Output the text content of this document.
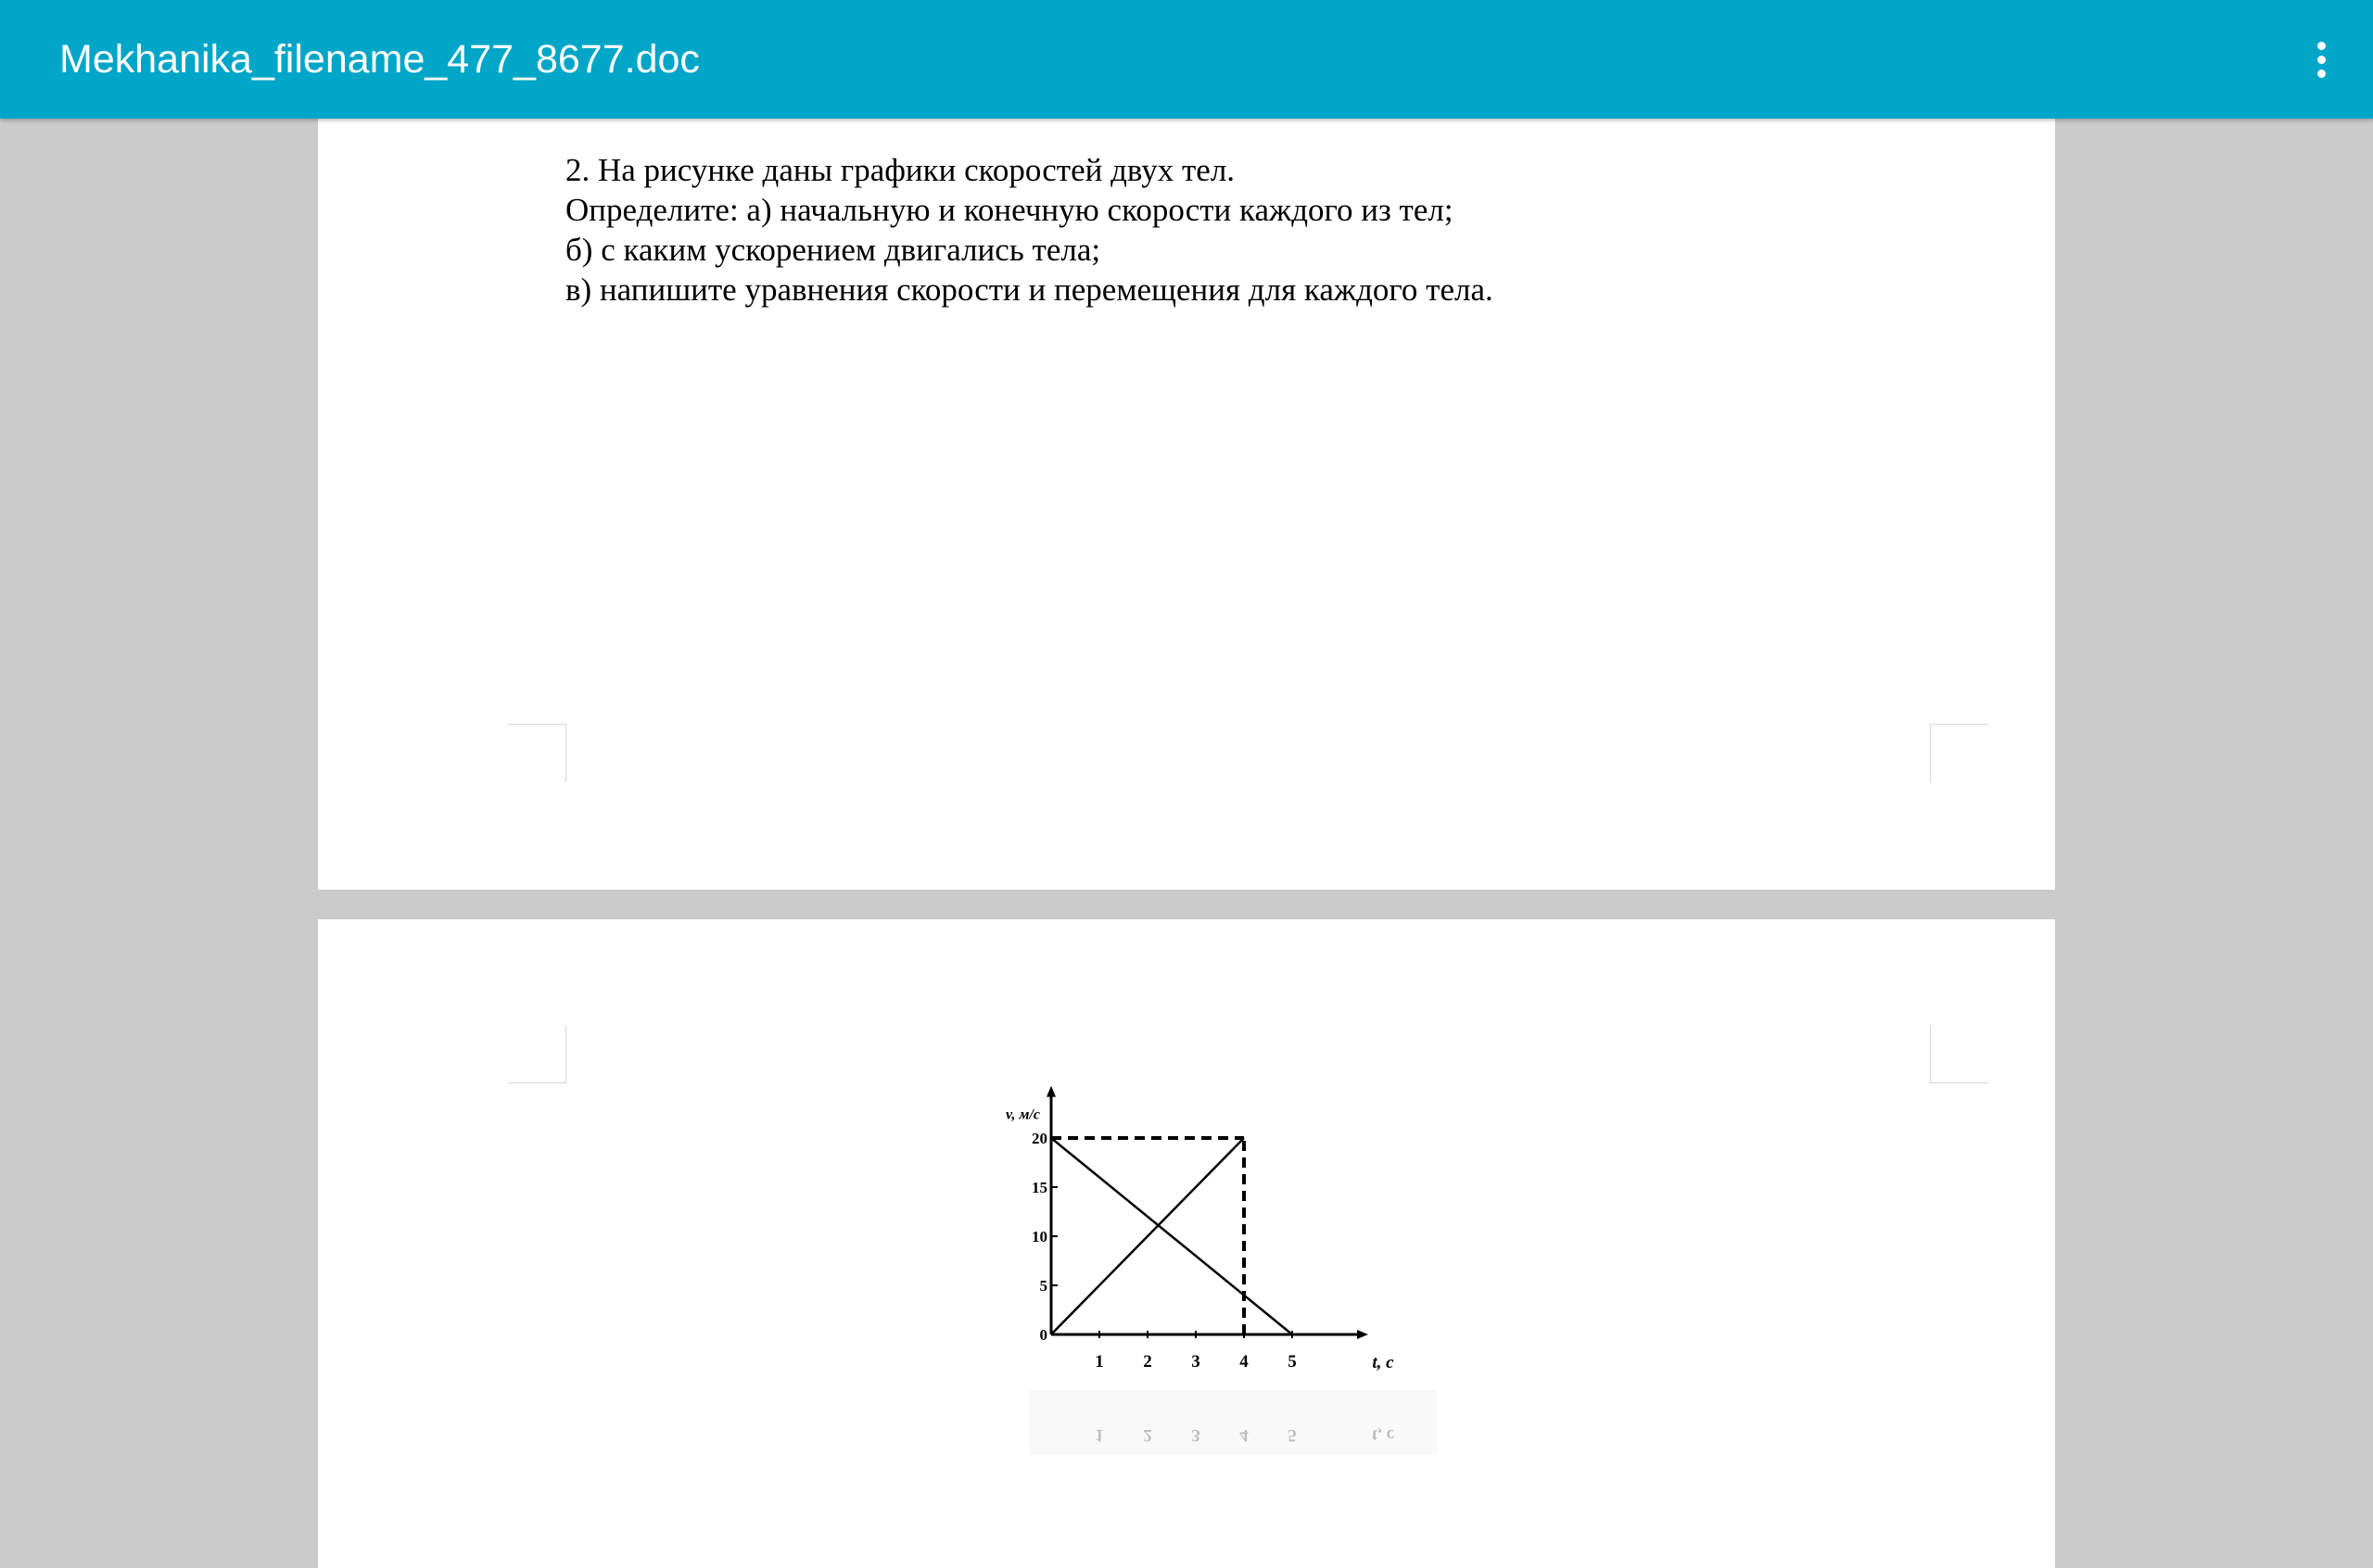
Mekhanika_filename_477_8677.doc

2. На рисунке даны графики скоростей двух тел.

Определите: а) начальную и конечную скорости каждого из тел;

б) с каким ускорением двигались тела;

в) напишите уравнения скорости и перемещения для каждого тела.

1 2 3 4 5
0
5
10
15
20
v, м/с
t, c
1 2 3 4 5	t, c
